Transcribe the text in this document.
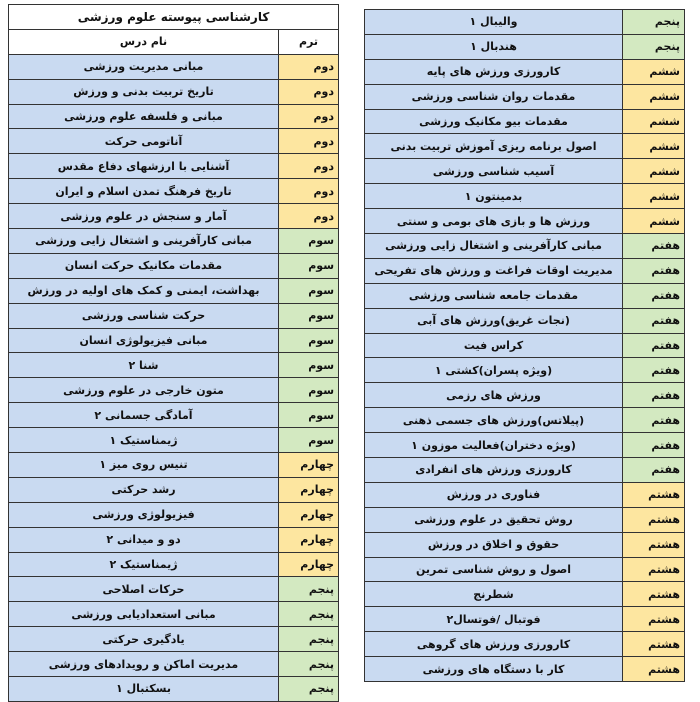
کارشناسی پیوسته علوم ورزشی	
ترم	نام درس
دوم	مبانی مدیریت ورزشی
دوم	تاریخ تربیت بدنی و ورزش
دوم	مبانی و فلسفه علوم ورزشی
دوم	آناتومی حرکت
دوم	آشنایی با ارزشهای دفاع مقدس
دوم	تاریخ فرهنگ تمدن اسلام و ایران
دوم	آمار و سنجش در علوم ورزشی
سوم	مبانی کارآفرینی و اشتغال زایی ورزشی
سوم	مقدمات مکانیک حرکت انسان
سوم	بهداشت، ایمنی و کمک های اولیه در ورزش
سوم	حرکت شناسی ورزشی
سوم	مبانی فیزیولوژی انسان
سوم	شنا ۲
سوم	متون خارجی در علوم ورزشی
سوم	آمادگی جسمانی ۲
سوم	ژیمناستیک ۱
چهارم	تنیس روی میز ۱
چهارم	رشد حرکتی
چهارم	فیزیولوژی ورزشی
چهارم	دو و میدانی ۲
چهارم	ژیمناستیک ۲
پنجم	حرکات اصلاحی
پنجم	مبانی استعدادیابی ورزشی
پنجم	یادگیری حرکتی
پنجم	مدیریت اماکن و رویدادهای ورزشی
پنجم	بسکتبال ۱
پنجم	والیبال ۱
پنجم	هندبال ۱
ششم	کارورزی ورزش های پایه
ششم	مقدمات روان شناسی ورزشی
ششم	مقدمات بیو مکانیک ورزشی
ششم	اصول برنامه ریزی آموزش تربیت بدنی
ششم	آسیب شناسی ورزشی
ششم	بدمینتون ۱
ششم	ورزش ها و بازی های بومی و سنتی
هفتم	مبانی کارآفرینی و اشتغال زایی ورزشی
هفتم	مدیریت اوقات فراغت و ورزش های تفریحی
هفتم	مقدمات جامعه شناسی ورزشی
هفتم	(نجات غریق)ورزش های آبی
هفتم	کراس فیت
هفتم	(ویژه پسران)کشتی ۱
هفتم	ورزش های رزمی
هفتم	(پیلاتس)ورزش های جسمی ذهنی
هفتم	(ویژه دختران)فعالیت موزون ۱
هفتم	کارورزی ورزش های انفرادی
هشتم	فناوری در ورزش
هشتم	روش تحقیق در علوم ورزشی
هشتم	حقوق و اخلاق در ورزش
هشتم	اصول و روش شناسی تمرین
هشتم	شطرنج
هشتم	فوتبال /فوتسال۲
هشتم	کارورزی ورزش های گروهی
هشتم	کار با دستگاه های ورزشی
